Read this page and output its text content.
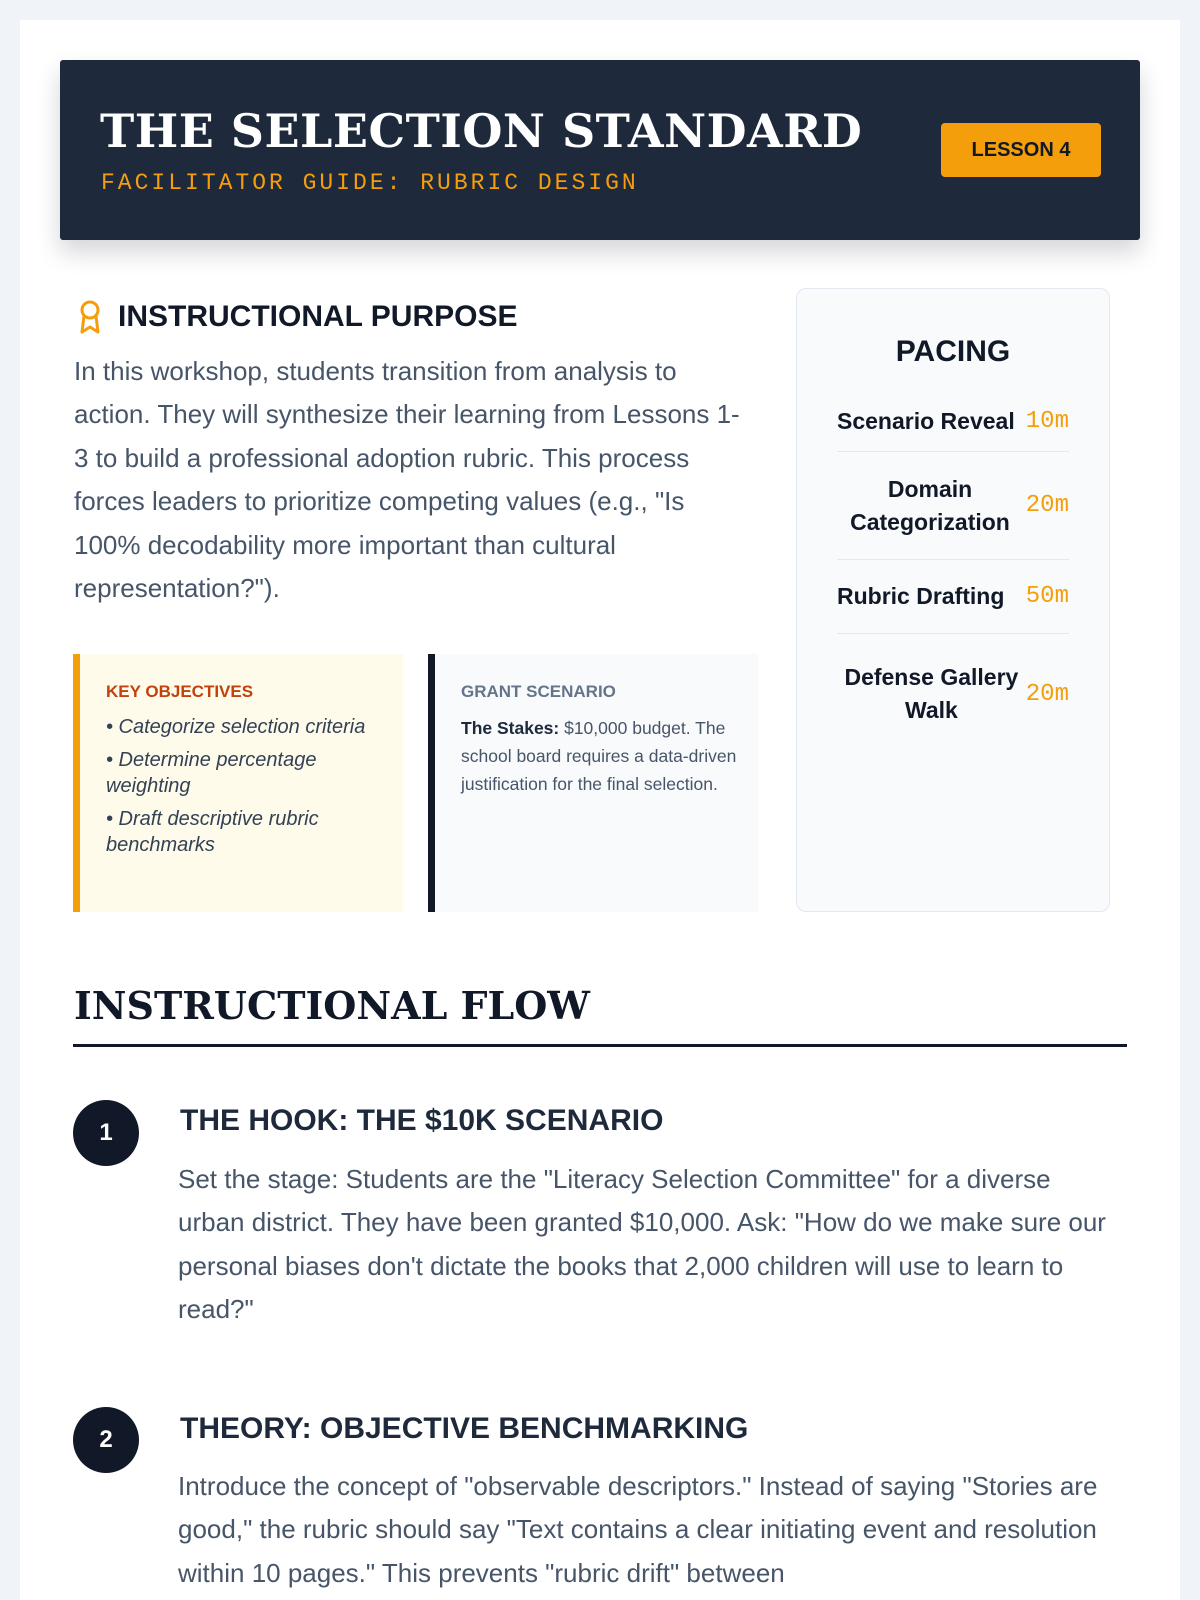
THE SELECTION STANDARD
FACILITATOR GUIDE: RUBRIC DESIGN
LESSON 4
INSTRUCTIONAL PURPOSE

In this workshop, students transition from analysis to action. They will synthesize their learning from Lessons 1-3 to build a professional adoption rubric. This process forces leaders to prioritize competing values (e.g., "Is 100% decodability more important than cultural representation?").

KEY OBJECTIVES
• Categorize selection criteria
• Determine percentage weighting
• Draft descriptive rubric benchmarks
GRANT SCENARIO

The Stakes: $10,000 budget. The school board requires a data-driven justification for the final selection.

PACING
Scenario Reveal 10m
Domain Categorization
20m
Rubric Drafting 50m
Defense Gallery Walk
20m
INSTRUCTIONAL FLOW
1	THE HOOK: THE $10K SCENARIO

Set the stage: Students are the "Literacy Selection Committee" for a diverse urban district. They have been granted $10,000. Ask: "How do we make sure our personal biases don't dictate the books that 2,000 children will use to learn to read?"

2	THEORY: OBJECTIVE BENCHMARKING

Introduce the concept of "observable descriptors." Instead of saying "Stories are good," the rubric should say "Text contains a clear initiating event and resolution within 10 pages." This prevents "rubric drift" between
